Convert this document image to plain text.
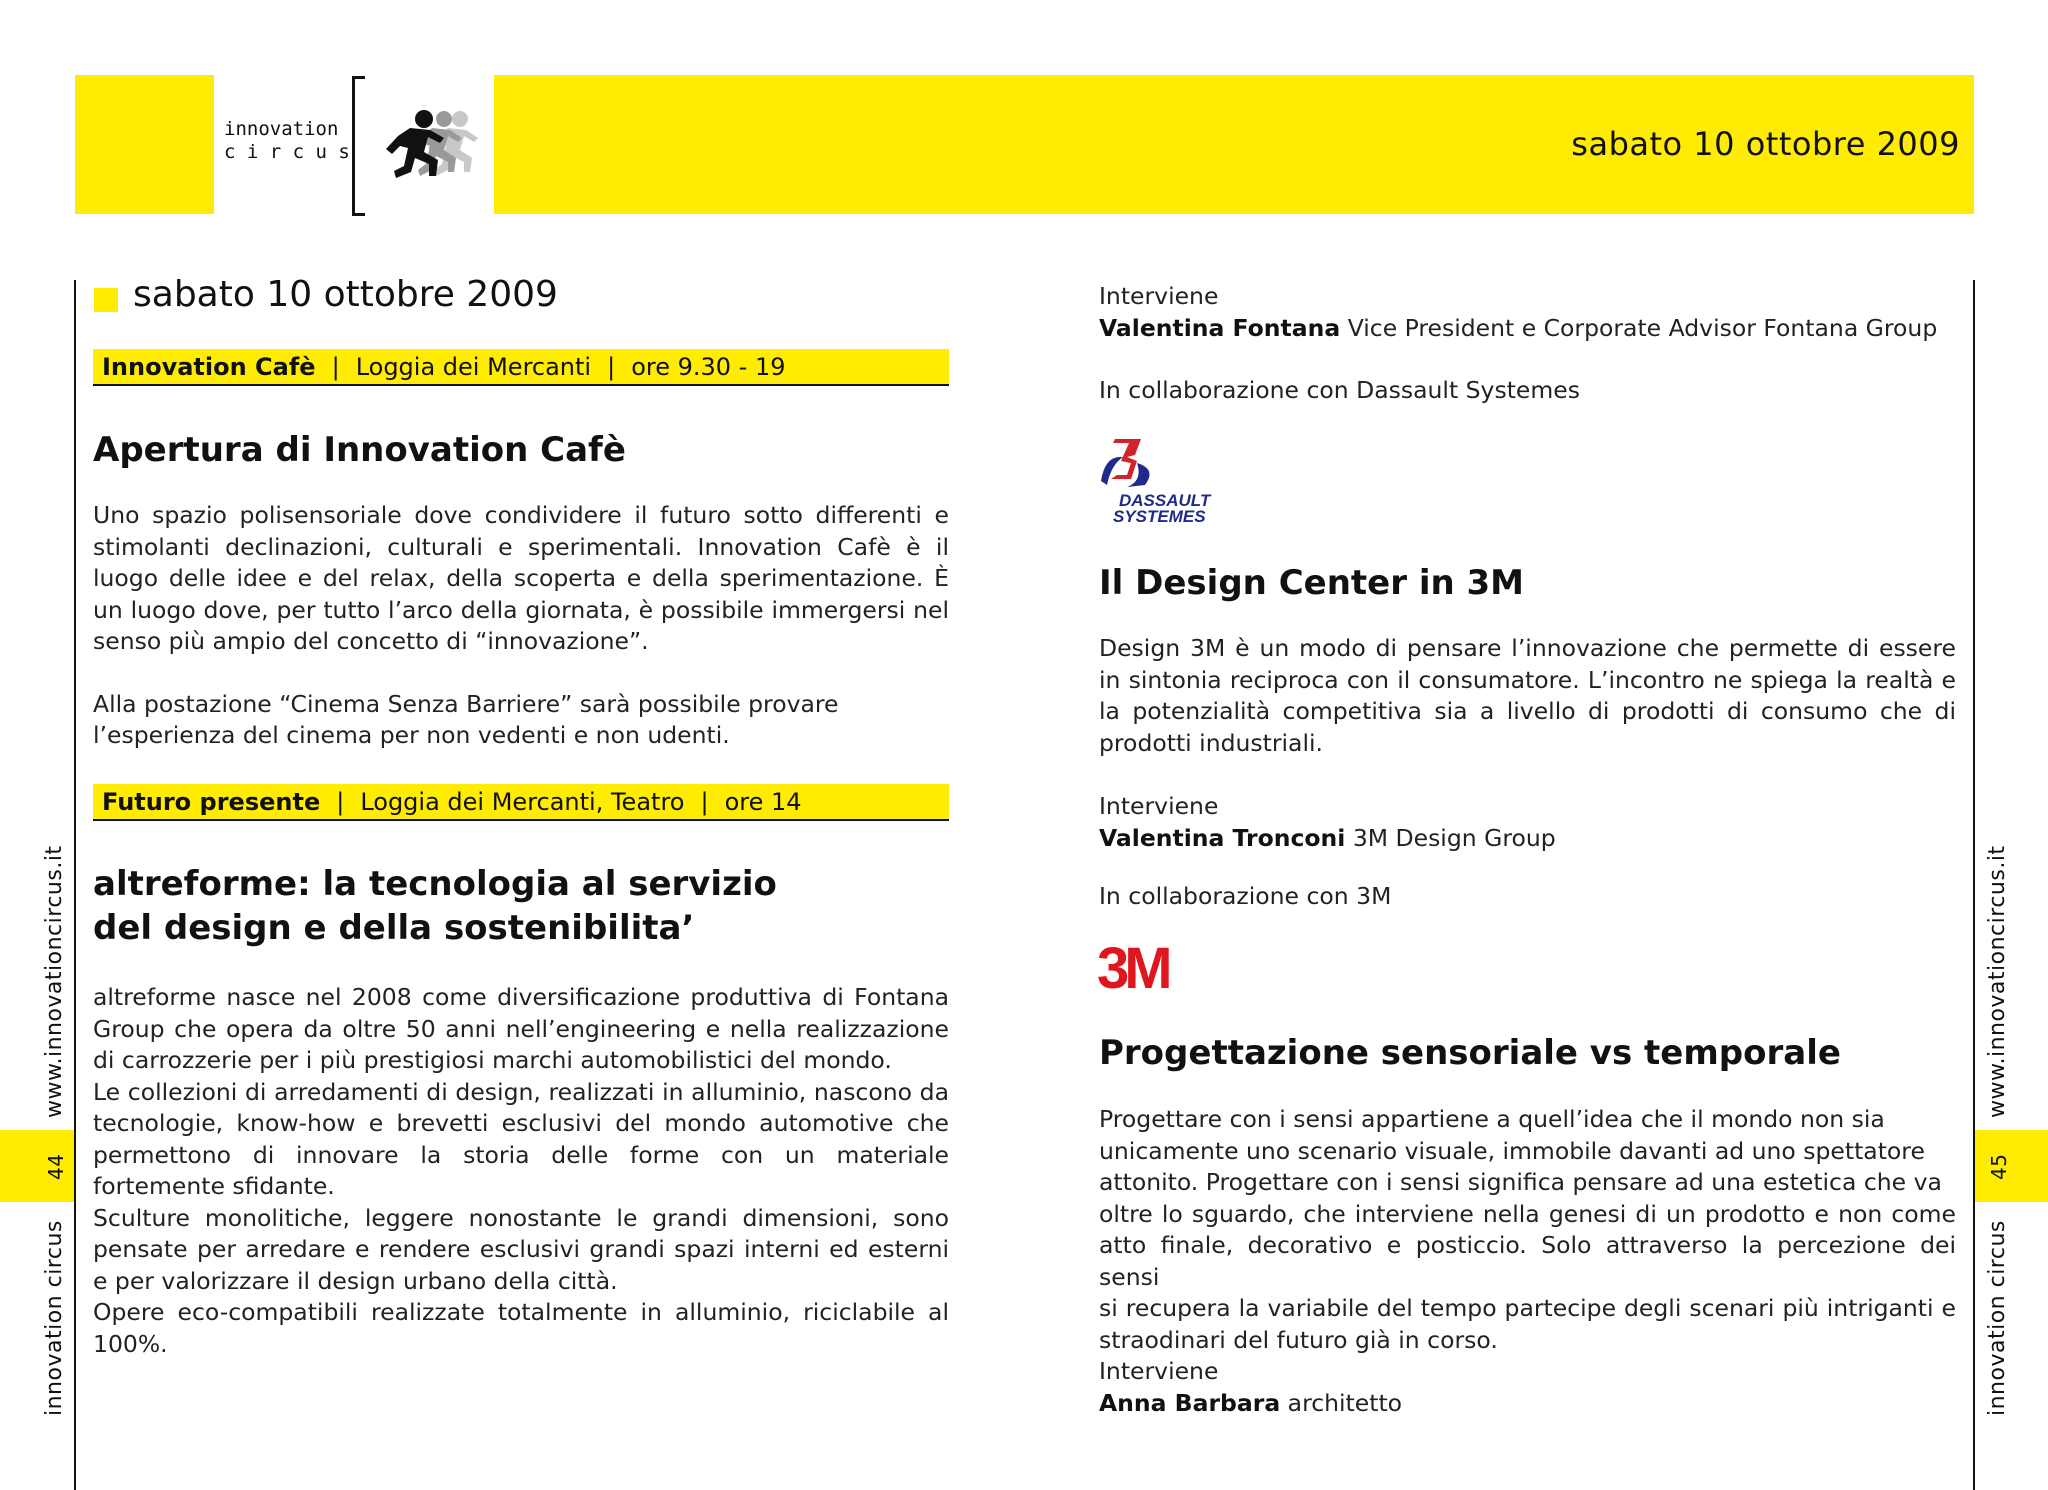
innovation
c i r c u s	sabato 10 ottobre 2009
www.innovationcircus.it
44
innovation circus
www.innovationcircus.it
45
innovation circus
sabato 10 ottobre 2009
Innovation Cafè | Loggia dei Mercanti | ore 9.30 - 19
Apertura di Innovation Cafè

Uno spazio polisensoriale dove condividere il futuro sotto differenti e stimolanti declinazioni, culturali e sperimentali. Innovation Cafè è il luogo delle idee e del relax, della scoperta e della sperimentazione. È un luogo dove, per tutto l’arco della giornata, è possibile immergersi nel senso più ampio del concetto di “innovazione”.

Alla postazione “Cinema Senza Barriere” sarà possibile provare l’esperienza del cinema per non vedenti e non udenti.

Futuro presente | Loggia dei Mercanti, Teatro | ore 14
altreforme: la tecnologia al servizio
del design e della sostenibilita’

altreforme nasce nel 2008 come diversificazione produttiva di Fontana Group che opera da oltre 50 anni nell’engineering e nella realizzazione di carrozzerie per i più prestigiosi marchi automobilistici del mondo.

Le collezioni di arredamenti di design, realizzati in alluminio, nascono da tecnologie, know-how e brevetti esclusivi del mondo automotive che permettono di innovare la storia delle forme con un materiale fortemente sfidante.

Sculture monolitiche, leggere nonostante le grandi dimensioni, sono pensate per arredare e rendere esclusivi grandi spazi interni ed esterni e per valorizzare il design urbano della città.

Opere eco-compatibili realizzate totalmente in alluminio, riciclabile al 100%.

Interviene
Valentina Fontana Vice President e Corporate Advisor Fontana Group
In collaborazione con Dassault Systemes
DASSAULT
SYSTEMES
Il Design Center in 3M

Design 3M è un modo di pensare l’innovazione che permette di essere in sintonia reciproca con il consumatore. L’incontro ne spiega la realtà e la potenzialità competitiva sia a livello di prodotti di consumo che di prodotti industriali.

Interviene
Valentina Tronconi 3M Design Group
In collaborazione con 3M
3M
Progettazione sensoriale vs temporale
Progettare con i sensi appartiene a quell’idea che il mondo non sia
unicamente uno scenario visuale, immobile davanti ad uno spettatore
attonito. Progettare con i sensi significa pensare ad una estetica che va
oltre lo sguardo, che interviene nella genesi di un prodotto e non come
atto finale, decorativo e posticcio. Solo attraverso la percezione dei sensi
si recupera la variabile del tempo partecipe degli scenari più intriganti e
straodinari del futuro già in corso.
Interviene
Anna Barbara architetto
